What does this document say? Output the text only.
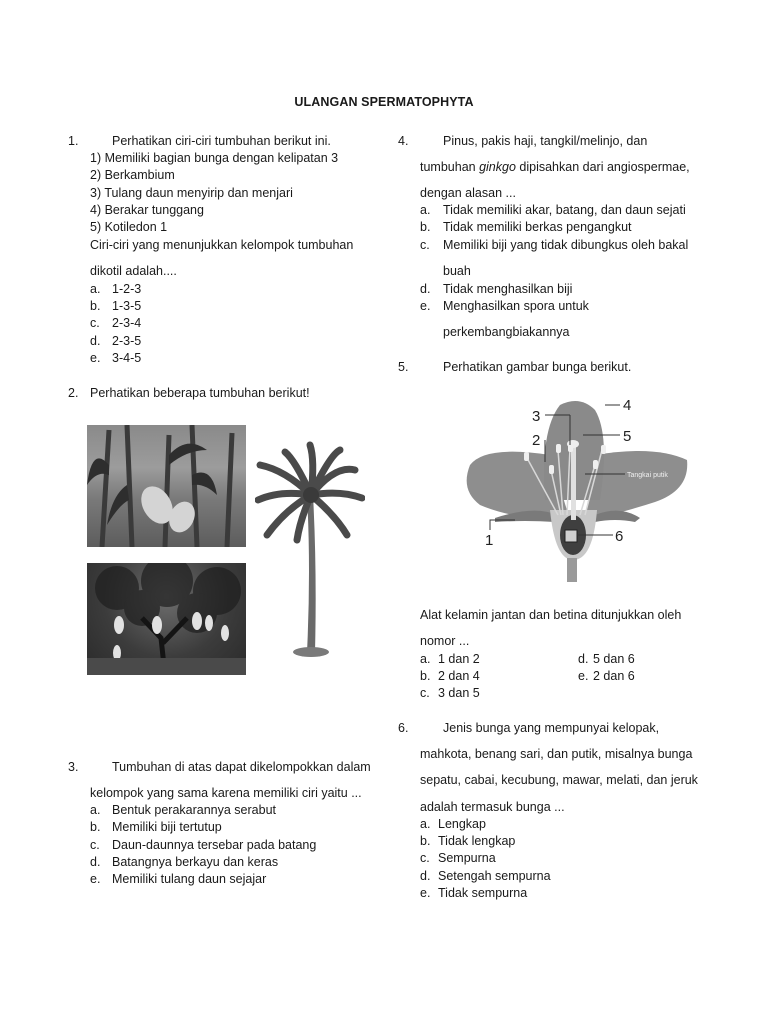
ULANGAN SPERMATOPHYTA
1.	Perhatikan ciri-ciri tumbuhan berikut ini.
1) Memiliki bagian bunga dengan kelipatan 3
2) Berkambium
3) Tulang daun menyirip dan menjari
4) Berakar tunggang
5) Kotiledon 1
Ciri-ciri yang menunjukkan kelompok tumbuhan
dikotil adalah....
a. 1-2-3
b. 1-3-5
c. 2-3-4
d. 2-3-5
e. 3-4-5
2. Perhatikan beberapa tumbuhan berikut!
3.	Tumbuhan di atas dapat dikelompokkan dalam
kelompok yang sama karena memiliki ciri yaitu ...
a. Bentuk perakarannya serabut
b. Memiliki biji tertutup
c. Daun-daunnya tersebar pada batang
d. Batangnya berkayu dan keras
e. Memiliki tulang daun sejajar
4.	Pinus, pakis haji, tangkil/melinjo, dan
tumbuhan ginkgo dipisahkan dari angiospermae,
dengan alasan ...
a. Tidak memiliki akar, batang, dan daun sejati
b. Tidak memiliki berkas pengangkut
c. Memiliki biji yang tidak dibungkus oleh bakal
buah
d. Tidak menghasilkan biji
e. Menghasilkan spora untuk
perkembangbiakannya
5.	Perhatikan gambar bunga berikut.
1
2
3
4
5
6
Tangkai putik
Alat kelamin jantan dan betina ditunjukkan oleh
nomor ...
a. 1 dan 2
b. 2 dan 4
c. 3 dan 5
d. 5 dan 6
e. 2 dan 6
6.	Jenis bunga yang mempunyai kelopak,
mahkota, benang sari, dan putik, misalnya bunga
sepatu, cabai, kecubung, mawar, melati, dan jeruk
adalah termasuk bunga ...
a. Lengkap
b. Tidak lengkap
c. Sempurna
d. Setengah sempurna
e. Tidak sempurna
